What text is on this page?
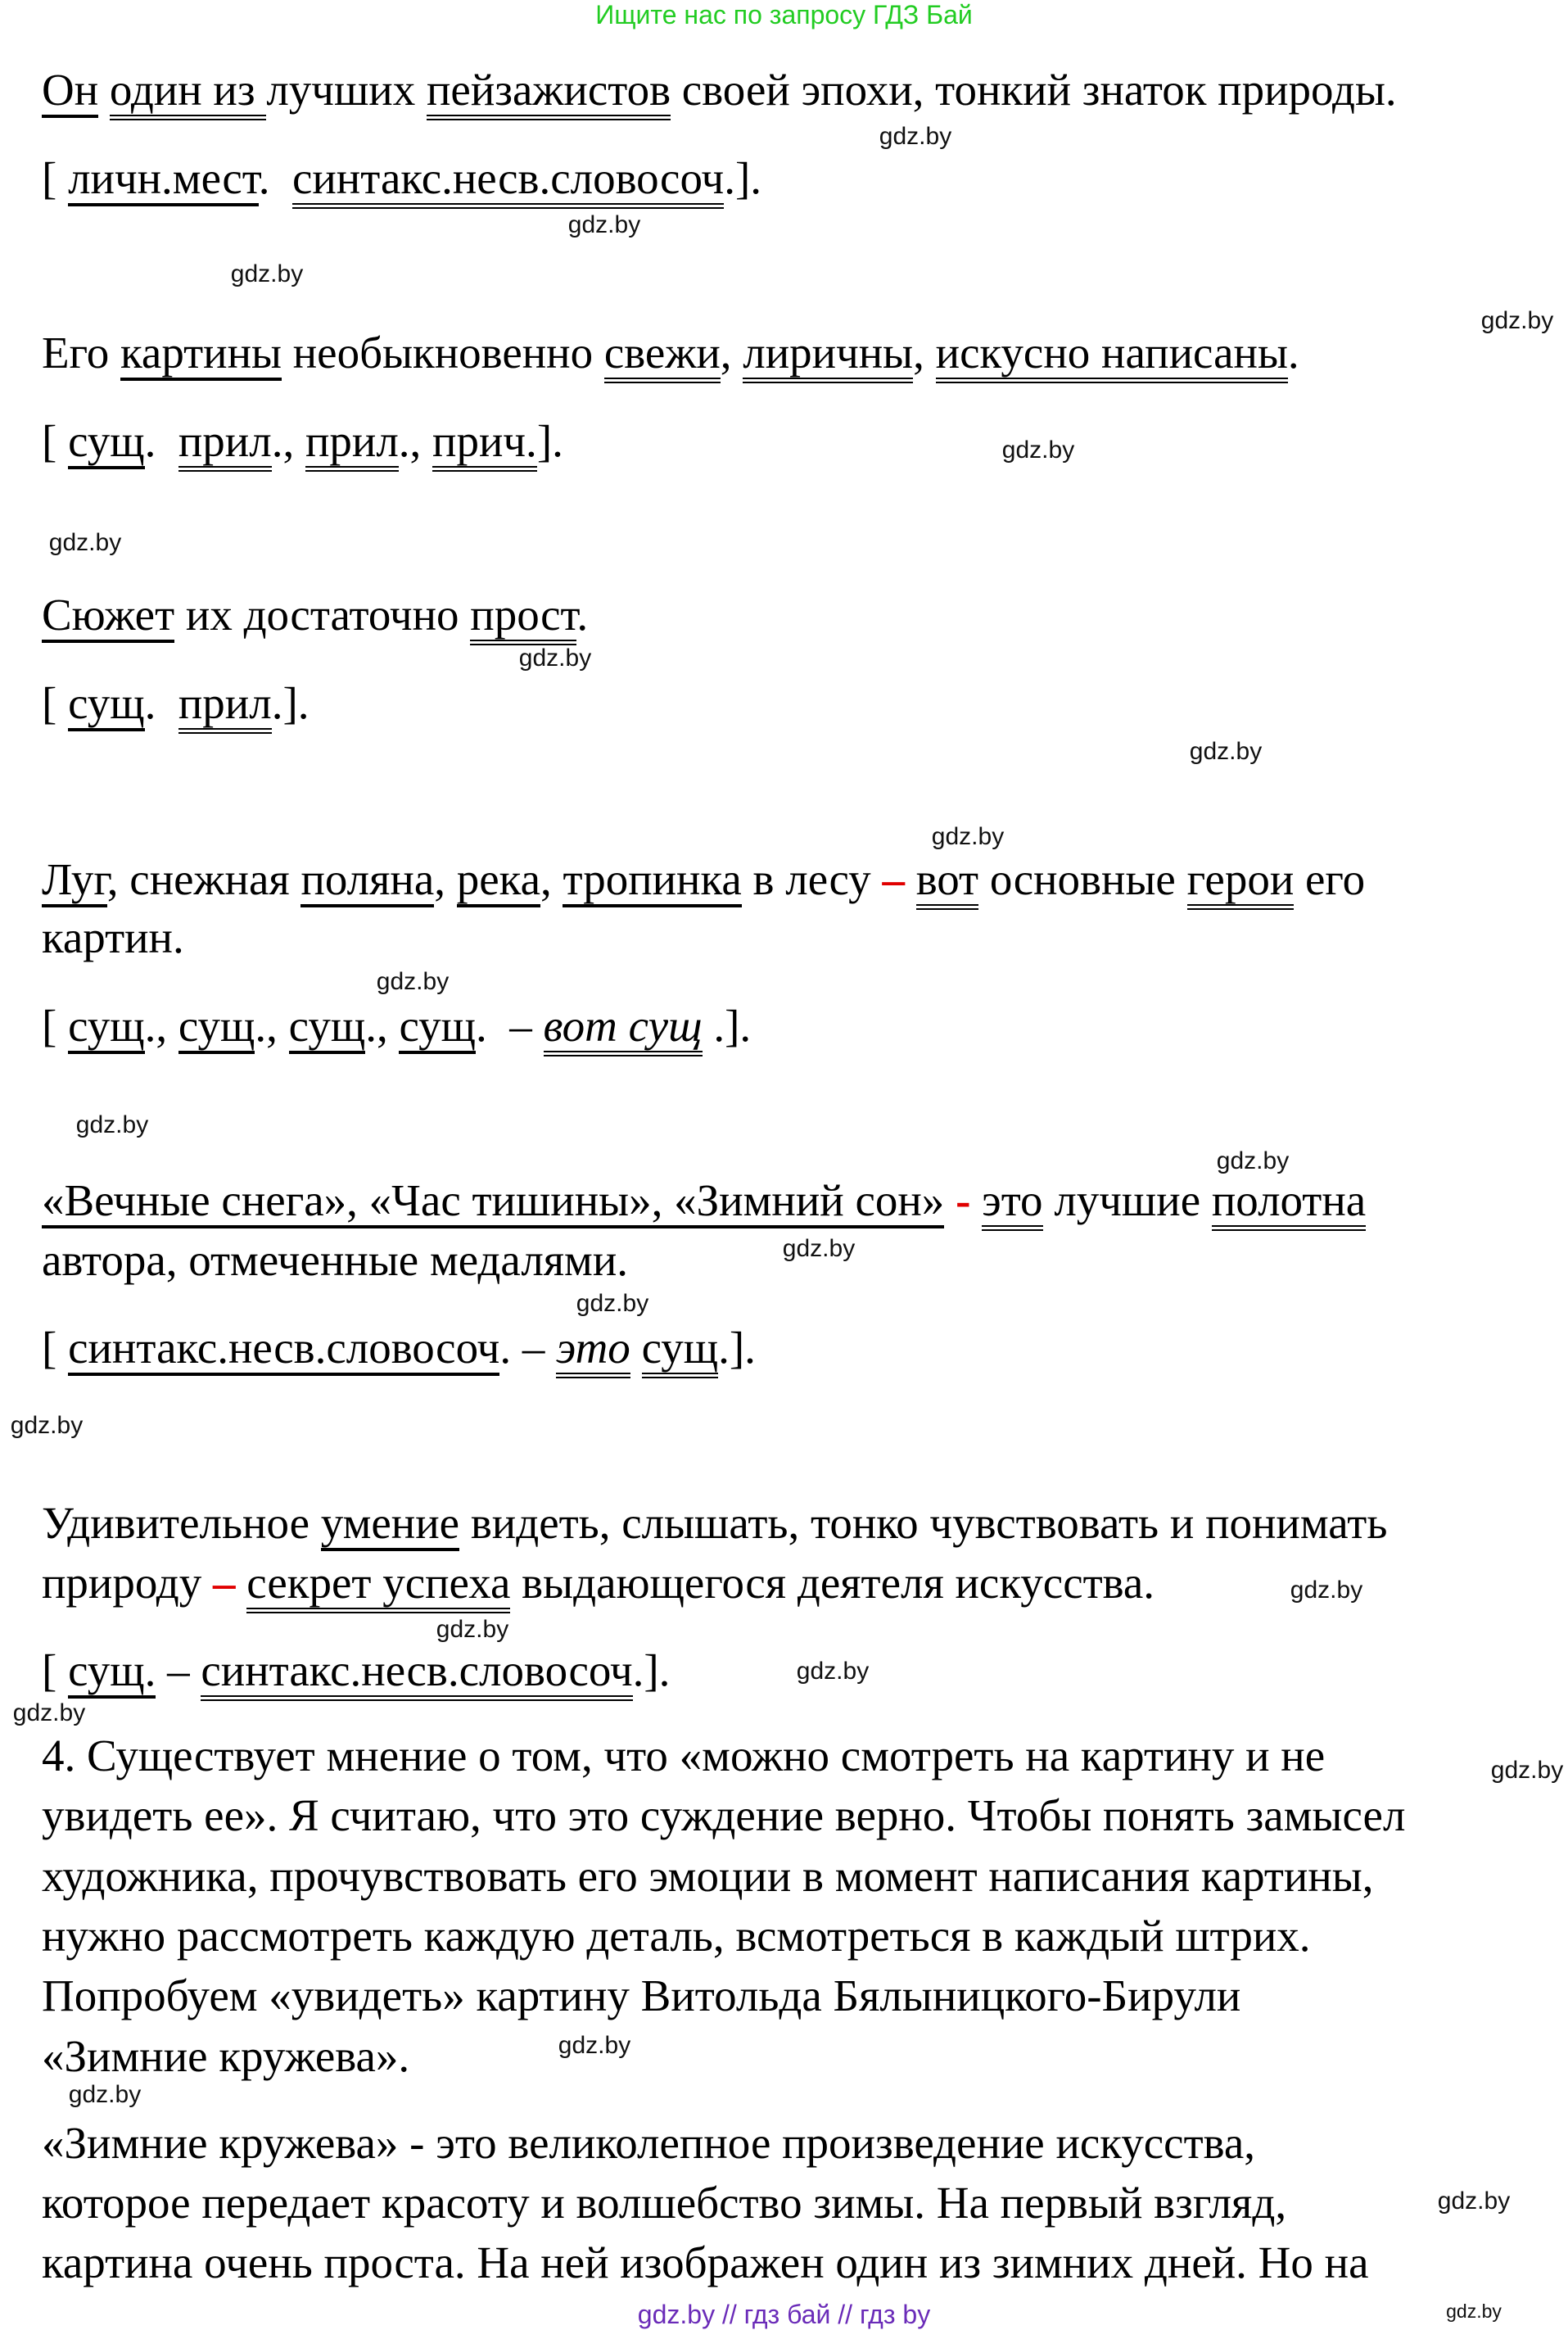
Ищите нас по запросу ГДЗ Бай
Он один из лучших пейзажистов своей эпохи, тонкий знаток природы.
[ личн.мест.  синтакс.несв.словосоч.].
Его картины необыкновенно свежи, лиричны, искусно написаны.
[ сущ.  прил., прил., прич.].
Сюжет их достаточно прост.
[ сущ.  прил.].
Луг, снежная поляна, река, тропинка в лесу – вот основные герои его
картин.
[ сущ., сущ., сущ., сущ.  – вот сущ .].
«Вечные снега», «Час тишины», «Зимний сон» - это лучшие полотна
автора, отмеченные медалями.
[ синтакс.несв.словосоч. – это сущ.].
Удивительное умение видеть, слышать, тонко чувствовать и понимать
природу – секрет успеха выдающегося деятеля искусства.
[ сущ. – синтакс.несв.словосоч.].
4. Существует мнение о том, что «можно смотреть на картину и не
увидеть ее». Я считаю, что это суждение верно. Чтобы понять замысел
художника, прочувствовать его эмоции в момент написания картины,
нужно рассмотреть каждую деталь, всмотреться в каждый штрих.
Попробуем «увидеть» картину Витольда Бялыницкого-Бирули
«Зимние кружева».
«Зимние кружева» - это великолепное произведение искусства,
которое передает красоту и волшебство зимы. На первый взгляд,
картина очень проста. На ней изображен один из зимних дней. Но на
gdz.by
gdz.by
gdz.by
gdz.by
gdz.by
gdz.by
gdz.by
gdz.by
gdz.by
gdz.by
gdz.by
gdz.by
gdz.by
gdz.by
gdz.by
gdz.by
gdz.by
gdz.by
gdz.by
gdz.by
gdz.by
gdz.by
gdz.by
gdz.by
gdz.by // гдз бай // гдз by
